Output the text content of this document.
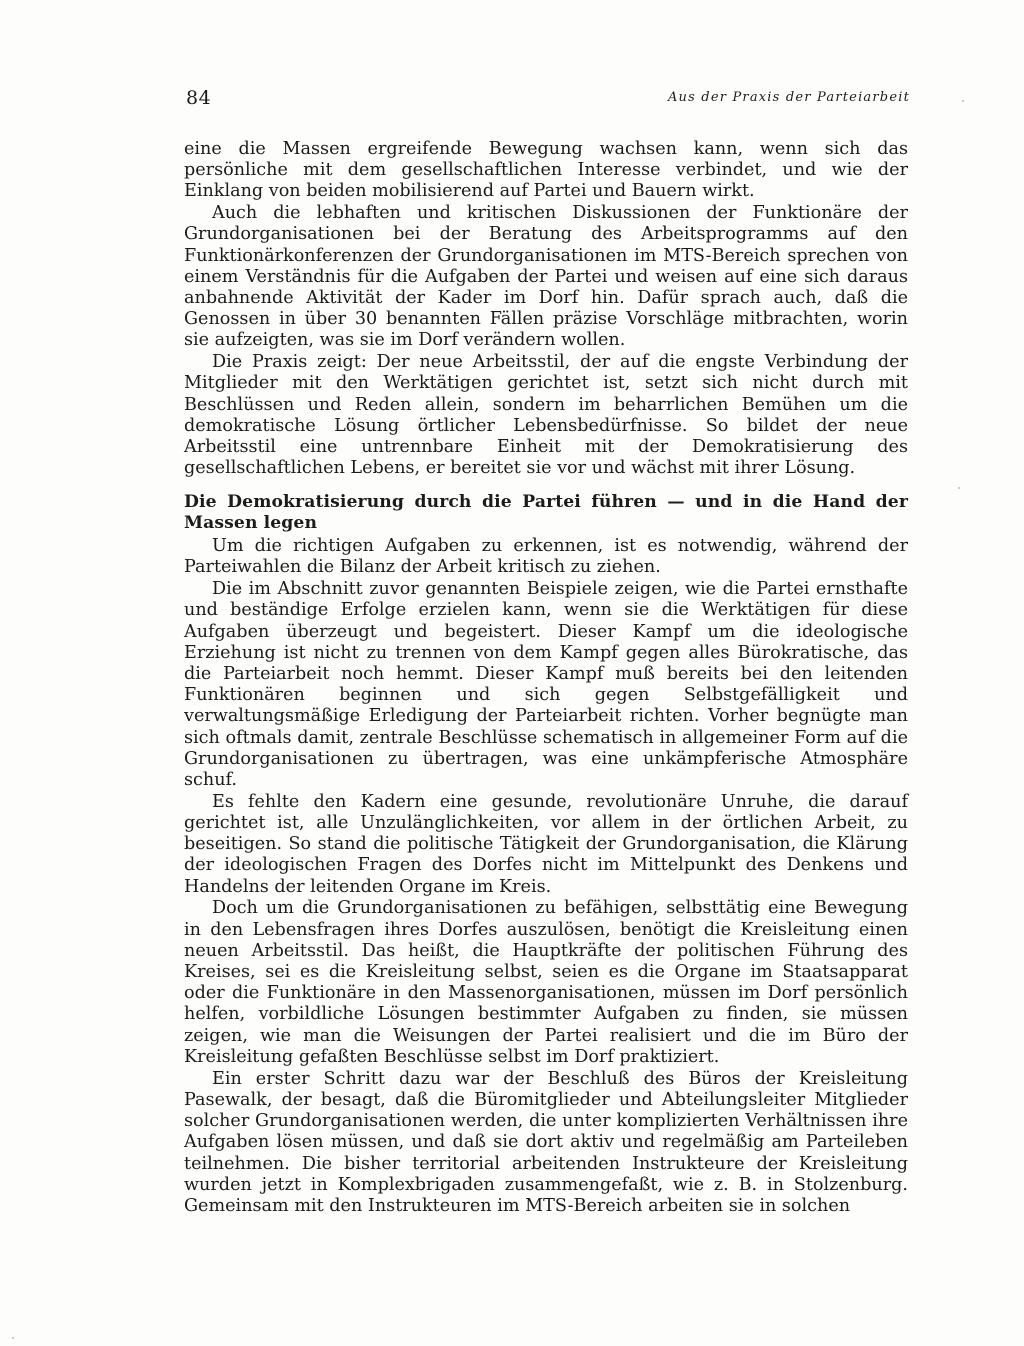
84	Aus der Praxis der Parteiarbeit

eine die Massen ergreifende Bewegung wachsen kann, wenn sich das persönliche mit dem gesellschaftlichen Interesse verbindet, und wie der Einklang von beiden mobilisierend auf Partei und Bauern wirkt.

Auch die lebhaften und kritischen Diskussionen der Funktionäre der Grundorganisationen bei der Beratung des Arbeitsprogramms auf den Funktionärkonferenzen der Grundorganisationen im MTS-Bereich sprechen von einem Verständnis für die Aufgaben der Partei und weisen auf eine sich daraus anbahnende Aktivität der Kader im Dorf hin. Dafür sprach auch, daß die Genossen in über 30 benannten Fällen präzise Vorschläge mitbrachten, worin sie aufzeigten, was sie im Dorf verändern wollen.

Die Praxis zeigt: Der neue Arbeitsstil, der auf die engste Verbindung der Mitglieder mit den Werktätigen gerichtet ist, setzt sich nicht durch mit Beschlüssen und Reden allein, sondern im beharrlichen Bemühen um die demokratische Lösung örtlicher Lebensbedürfnisse. So bildet der neue Arbeitsstil eine untrennbare Einheit mit der Demokratisierung des gesellschaftlichen Lebens, er bereitet sie vor und wächst mit ihrer Lösung.

Die Demokratisierung durch die Partei führen — und in die Hand der Massen legen

Um die richtigen Aufgaben zu erkennen, ist es notwendig, während der Parteiwahlen die Bilanz der Arbeit kritisch zu ziehen.

Die im Abschnitt zuvor genannten Beispiele zeigen, wie die Partei ernsthafte und beständige Erfolge erzielen kann, wenn sie die Werktätigen für diese Aufgaben überzeugt und begeistert. Dieser Kampf um die ideologische Erziehung ist nicht zu trennen von dem Kampf gegen alles Bürokratische, das die Parteiarbeit noch hemmt. Dieser Kampf muß bereits bei den leitenden Funktionären beginnen und sich gegen Selbstgefälligkeit und verwaltungsmäßige Erledigung der Parteiarbeit richten. Vorher begnügte man sich oftmals damit, zentrale Beschlüsse schematisch in allgemeiner Form auf die Grundorganisationen zu übertragen, was eine unkämpferische Atmosphäre schuf.

Es fehlte den Kadern eine gesunde, revolutionäre Unruhe, die darauf gerichtet ist, alle Unzulänglichkeiten, vor allem in der örtlichen Arbeit, zu beseitigen. So stand die politische Tätigkeit der Grundorganisation, die Klärung der ideologischen Fragen des Dorfes nicht im Mittelpunkt des Denkens und Handelns der leitenden Organe im Kreis.

Doch um die Grundorganisationen zu befähigen, selbsttätig eine Bewegung in den Lebensfragen ihres Dorfes auszulösen, benötigt die Kreisleitung einen neuen Arbeitsstil. Das heißt, die Hauptkräfte der politischen Führung des Kreises, sei es die Kreisleitung selbst, seien es die Organe im Staatsapparat oder die Funktionäre in den Massenorganisationen, müssen im Dorf persönlich helfen, vorbildliche Lösungen bestimmter Aufgaben zu finden, sie müssen zeigen, wie man die Weisungen der Partei realisiert und die im Büro der Kreisleitung gefaßten Beschlüsse selbst im Dorf praktiziert.

Ein erster Schritt dazu war der Beschluß des Büros der Kreisleitung Pasewalk, der besagt, daß die Büromitglieder und Abteilungsleiter Mitglieder solcher Grundorganisationen werden, die unter komplizierten Verhältnissen ihre Aufgaben lösen müssen, und daß sie dort aktiv und regelmäßig am Parteileben teilnehmen. Die bisher territorial arbeitenden Instrukteure der Kreisleitung wurden jetzt in Komplexbrigaden zusammengefaßt, wie z. B. in Stolzenburg. Gemeinsam mit den Instrukteuren im MTS-Bereich arbeiten sie in solchen
